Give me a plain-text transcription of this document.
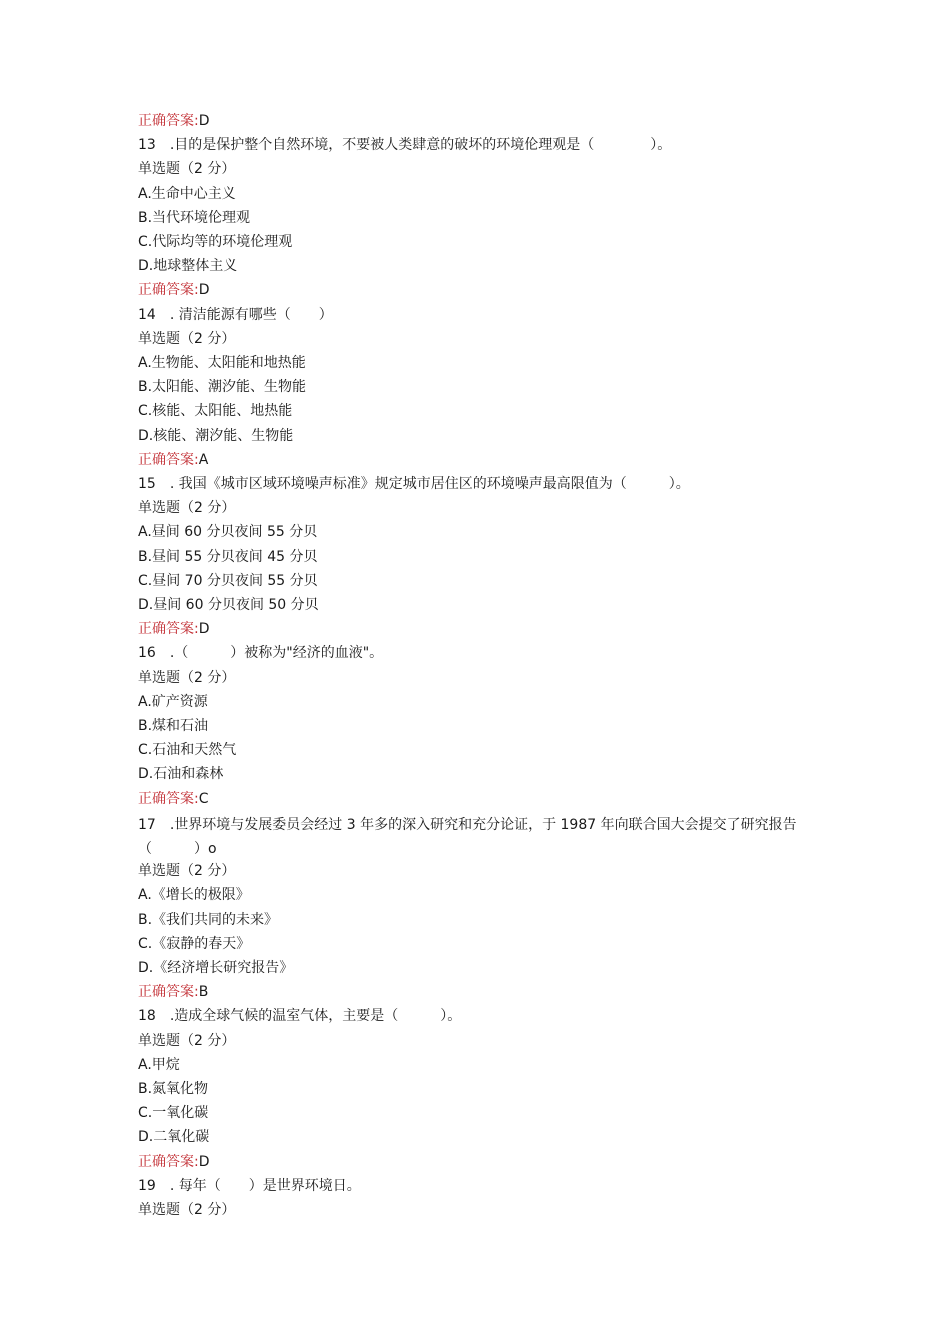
正确答案:D
13　.目的是保护整个自然环境，不要被人类肆意的破坏的环境伦理观是（　　　　）。
单选题（2 分）
A.生命中心主义
B.当代环境伦理观
C.代际均等的环境伦理观
D.地球整体主义
正确答案:D
14　. 清洁能源有哪些（　　）
单选题（2 分）
A.生物能、太阳能和地热能
B.太阳能、潮汐能、生物能
C.核能、太阳能、地热能
D.核能、潮汐能、生物能
正确答案:A
15　. 我国《城市区域环境噪声标准》规定城市居住区的环境噪声最高限值为（　　　）。
单选题（2 分）
A.昼间 60 分贝夜间 55 分贝
B.昼间 55 分贝夜间 45 分贝
C.昼间 70 分贝夜间 55 分贝
D.昼间 60 分贝夜间 50 分贝
正确答案:D
16　.（　　　）被称为"经济的血液"。
单选题（2 分）
A.矿产资源
B.煤和石油
C.石油和天然气
D.石油和森林
正确答案:C
17　.世界环境与发展委员会经过 3 年多的深入研究和充分论证，于 1987 年向联合国大会提交了研究报告（　　　）o
单选题（2 分）
A.《增长的极限》
B.《我们共同的未来》
C.《寂静的春天》
D.《经济增长研究报告》
正确答案:B
18　.造成全球气候的温室气体，主要是（　　　）。
单选题（2 分）
A.甲烷
B.氮氧化物
C.一氧化碳
D.二氧化碳
正确答案:D
19　. 每年（　　）是世界环境日。
单选题（2 分）
